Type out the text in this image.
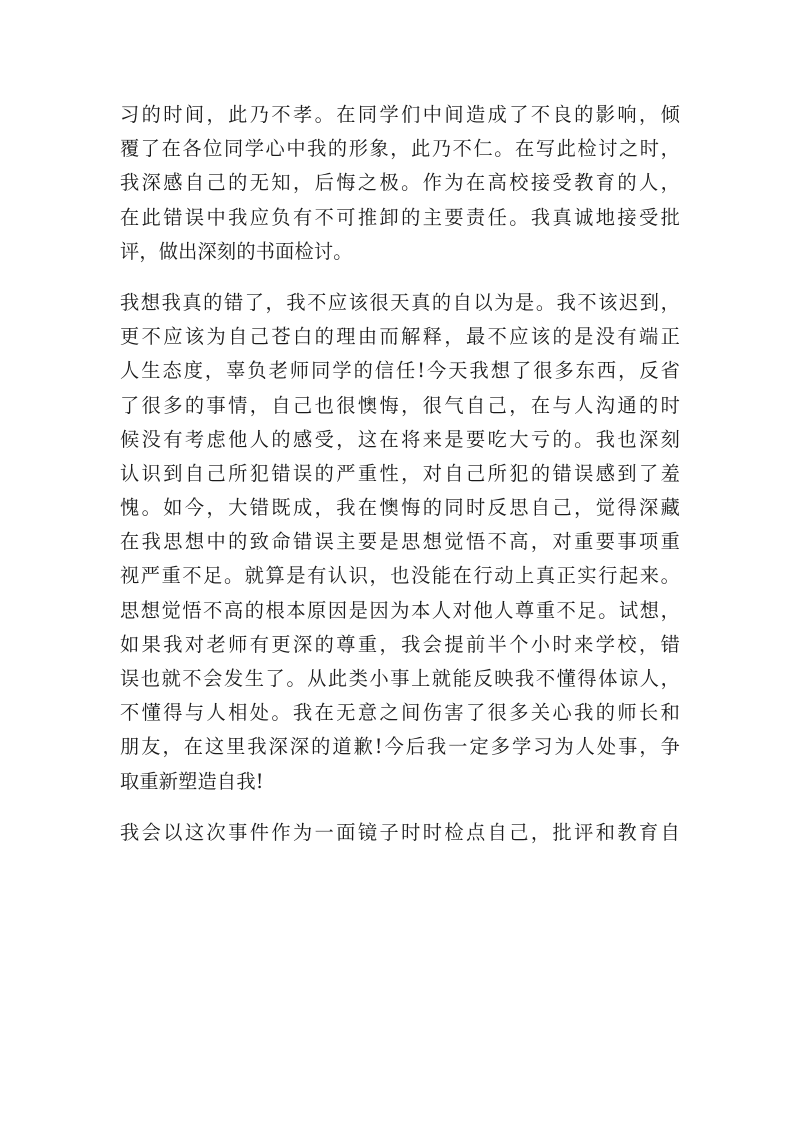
习的时间，此乃不孝。在同学们中间造成了不良的影响，倾
覆了在各位同学心中我的形象，此乃不仁。在写此检讨之时，
我深感自己的无知，后悔之极。作为在高校接受教育的人，
在此错误中我应负有不可推卸的主要责任。我真诚地接受批
评，做出深刻的书面检讨。
我想我真的错了，我不应该很天真的自以为是。我不该迟到，
更不应该为自己苍白的理由而解释，最不应该的是没有端正
人生态度，辜负老师同学的信任!今天我想了很多东西，反省
了很多的事情，自己也很懊悔，很气自己，在与人沟通的时
候没有考虑他人的感受，这在将来是要吃大亏的。我也深刻
认识到自己所犯错误的严重性，对自己所犯的错误感到了羞
愧。如今，大错既成，我在懊悔的同时反思自己，觉得深藏
在我思想中的致命错误主要是思想觉悟不高，对重要事项重
视严重不足。就算是有认识，也没能在行动上真正实行起来。
思想觉悟不高的根本原因是因为本人对他人尊重不足。试想，
如果我对老师有更深的尊重，我会提前半个小时来学校，错
误也就不会发生了。从此类小事上就能反映我不懂得体谅人，
不懂得与人相处。我在无意之间伤害了很多关心我的师长和
朋友，在这里我深深的道歉!今后我一定多学习为人处事，争
取重新塑造自我!
我会以这次事件作为一面镜子时时检点自己，批评和教育自
